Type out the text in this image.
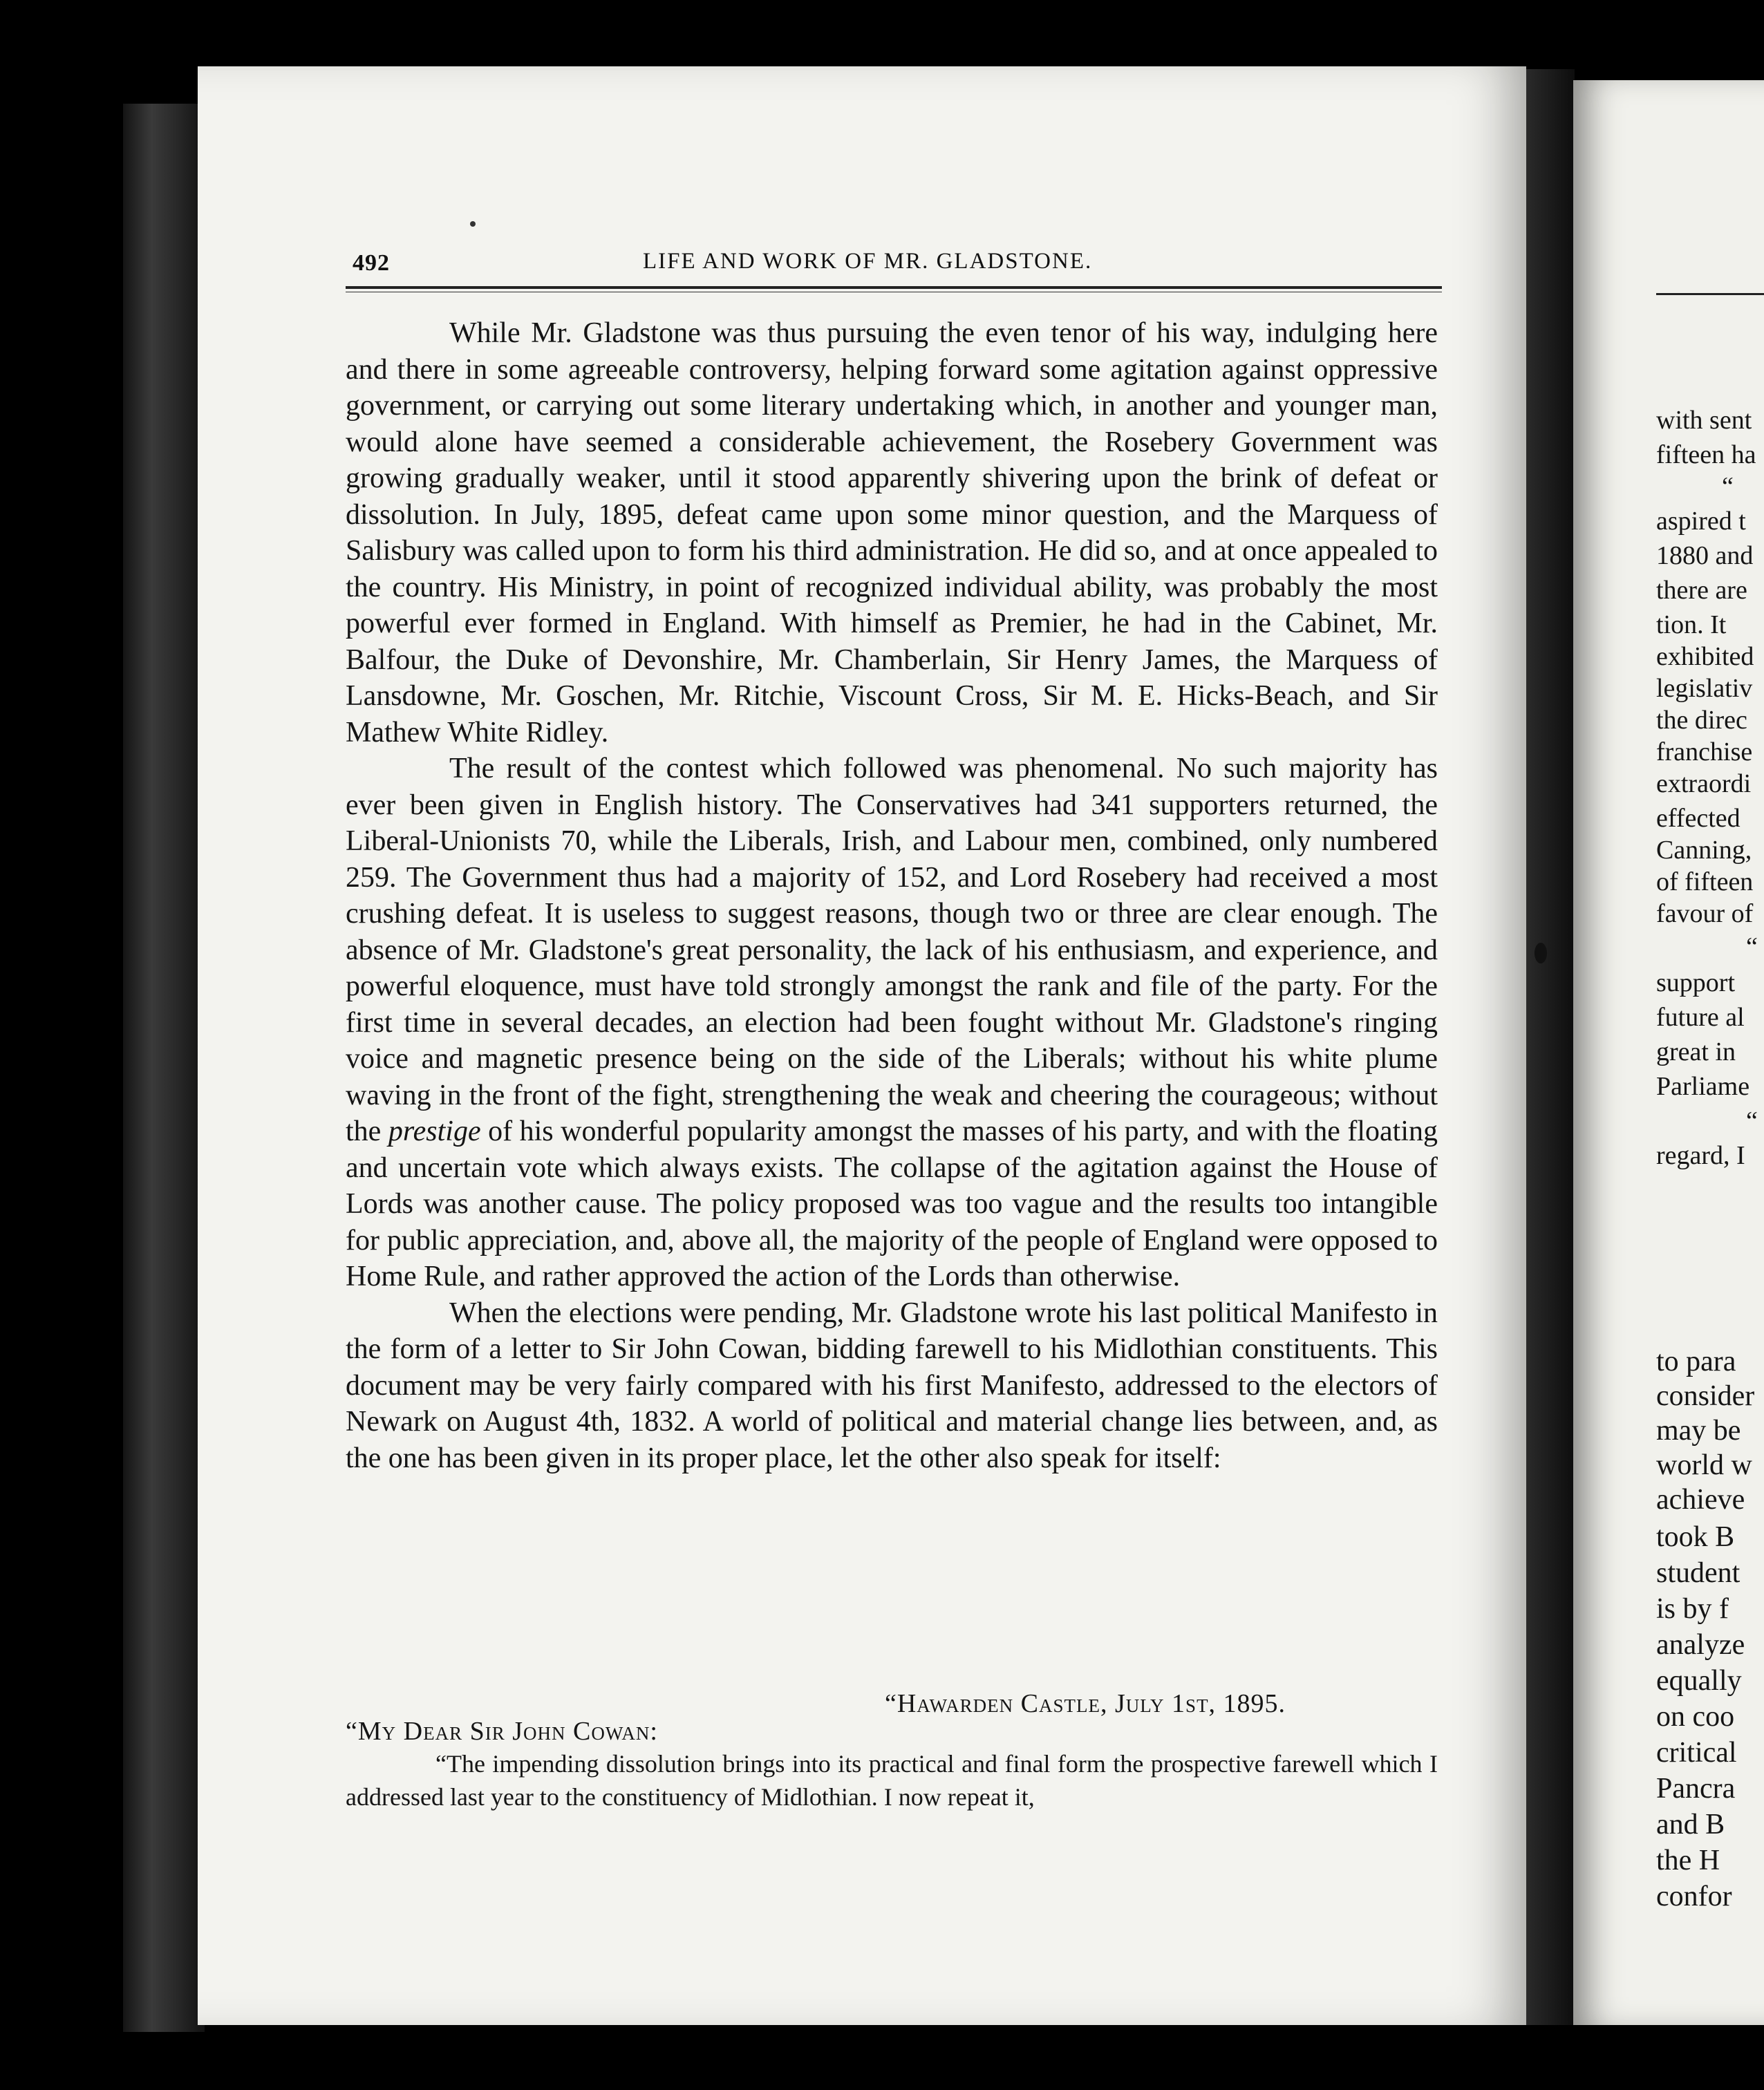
with sent
fifteen ha
“
aspired t
1880 and
there are
tion. It
exhibited
legislativ
the direc
franchise
extraordi
effected
Canning,
of fifteen
favour of
“
support
future al
great in
Parliame
“
regard, I
to para
consider
may be
world w
achieve
took B
student
is by f
analyze
equally
on coo
critical
Pancra
and B
the H
confor
492	LIFE AND WORK OF MR. GLADSTONE.

While Mr. Gladstone was thus pursuing the even tenor of his way, indulging here and there in some agreeable controversy, helping forward some agitation against oppressive government, or carrying out some literary undertaking which, in another and younger man, would alone have seemed a considerable achievement, the Rosebery Government was growing gradually weaker, until it stood apparently shivering upon the brink of defeat or dissolution. In July, 1895, defeat came upon some minor question, and the Marquess of Salisbury was called upon to form his third administration. He did so, and at once appealed to the country. His Ministry, in point of recognized individual ability, was probably the most powerful ever formed in England. With himself as Premier, he had in the Cabinet, Mr. Balfour, the Duke of Devonshire, Mr. Chamberlain, Sir Henry James, the Marquess of Lansdowne, Mr. Goschen, Mr. Ritchie, Viscount Cross, Sir M. E. Hicks-Beach, and Sir Mathew White Ridley.

The result of the contest which followed was phenomenal. No such majority has ever been given in English history. The Conservatives had 341 supporters returned, the Liberal-Unionists 70, while the Liberals, Irish, and Labour men, combined, only numbered 259. The Government thus had a majority of 152, and Lord Rosebery had received a most crushing defeat. It is useless to suggest reasons, though two or three are clear enough. The absence of Mr. Gladstone's great personality, the lack of his enthusiasm, and experience, and powerful eloquence, must have told strongly amongst the rank and file of the party. For the first time in several decades, an election had been fought without Mr. Gladstone's ringing voice and magnetic presence being on the side of the Liberals; without his white plume waving in the front of the fight, strengthening the weak and cheering the courageous; without the prestige of his wonderful popularity amongst the masses of his party, and with the floating and uncertain vote which always exists. The collapse of the agitation against the House of Lords was another cause. The policy proposed was too vague and the results too intangible for public appreciation, and, above all, the majority of the people of England were opposed to Home Rule, and rather approved the action of the Lords than otherwise.

When the elections were pending, Mr. Gladstone wrote his last political Manifesto in the form of a letter to Sir John Cowan, bidding farewell to his Midlothian constituents. This document may be very fairly compared with his first Manifesto, addressed to the electors of Newark on August 4th, 1832. A world of political and material change lies between, and, as the one has been given in its proper place, let the other also speak for itself:

“Hawarden Castle, July 1st, 1895.
“My Dear Sir John Cowan:

“The impending dissolution brings into its practical and final form the prospective farewell which I addressed last year to the constituency of Midlothian. I now repeat it,
